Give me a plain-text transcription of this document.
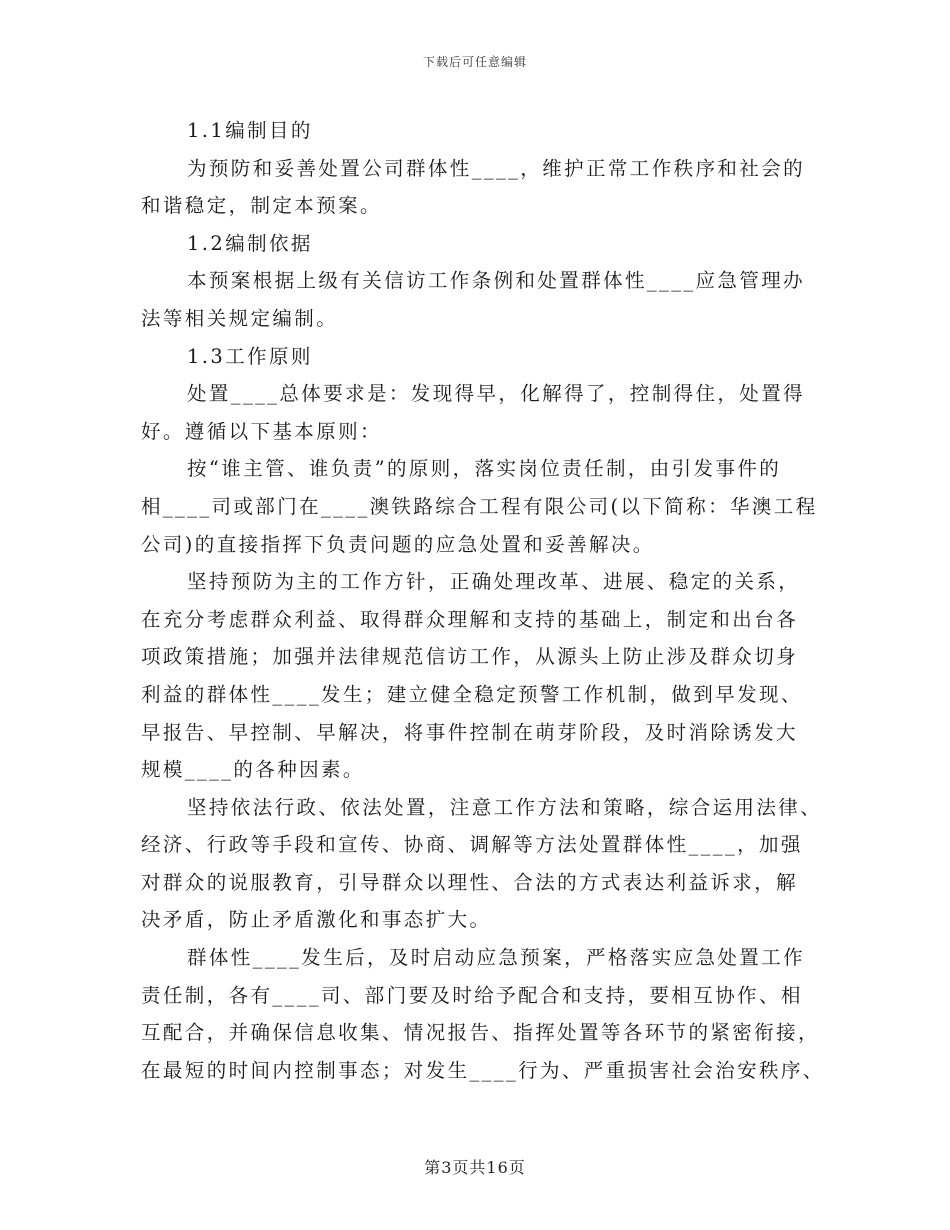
下载后可任意编辑
1.1编制目的
为预防和妥善处置公司群体性____，维护正常工作秩序和社会的
和谐稳定，制定本预案。
1.2编制依据
本预案根据上级有关信访工作条例和处置群体性____应急管理办
法等相关规定编制。
1.3工作原则
处置____总体要求是：发现得早，化解得了，控制得住，处置得
好。遵循以下基本原则：
按“谁主管、谁负责”的原则，落实岗位责任制，由引发事件的
相____司或部门在____澳铁路综合工程有限公司(以下简称：华澳工程
公司)的直接指挥下负责问题的应急处置和妥善解决。
坚持预防为主的工作方针，正确处理改革、进展、稳定的关系，
在充分考虑群众利益、取得群众理解和支持的基础上，制定和出台各
项政策措施；加强并法律规范信访工作，从源头上防止涉及群众切身
利益的群体性____发生；建立健全稳定预警工作机制，做到早发现、
早报告、早控制、早解决，将事件控制在萌芽阶段，及时消除诱发大
规模____的各种因素。
坚持依法行政、依法处置，注意工作方法和策略，综合运用法律、
经济、行政等手段和宣传、协商、调解等方法处置群体性____，加强
对群众的说服教育，引导群众以理性、合法的方式表达利益诉求，解
决矛盾，防止矛盾激化和事态扩大。
群体性____发生后，及时启动应急预案，严格落实应急处置工作
责任制，各有____司、部门要及时给予配合和支持，要相互协作、相
互配合，并确保信息收集、情况报告、指挥处置等各环节的紧密衔接，
在最短的时间内控制事态；对发生____行为、严重损害社会治安秩序、
第3页共16页
